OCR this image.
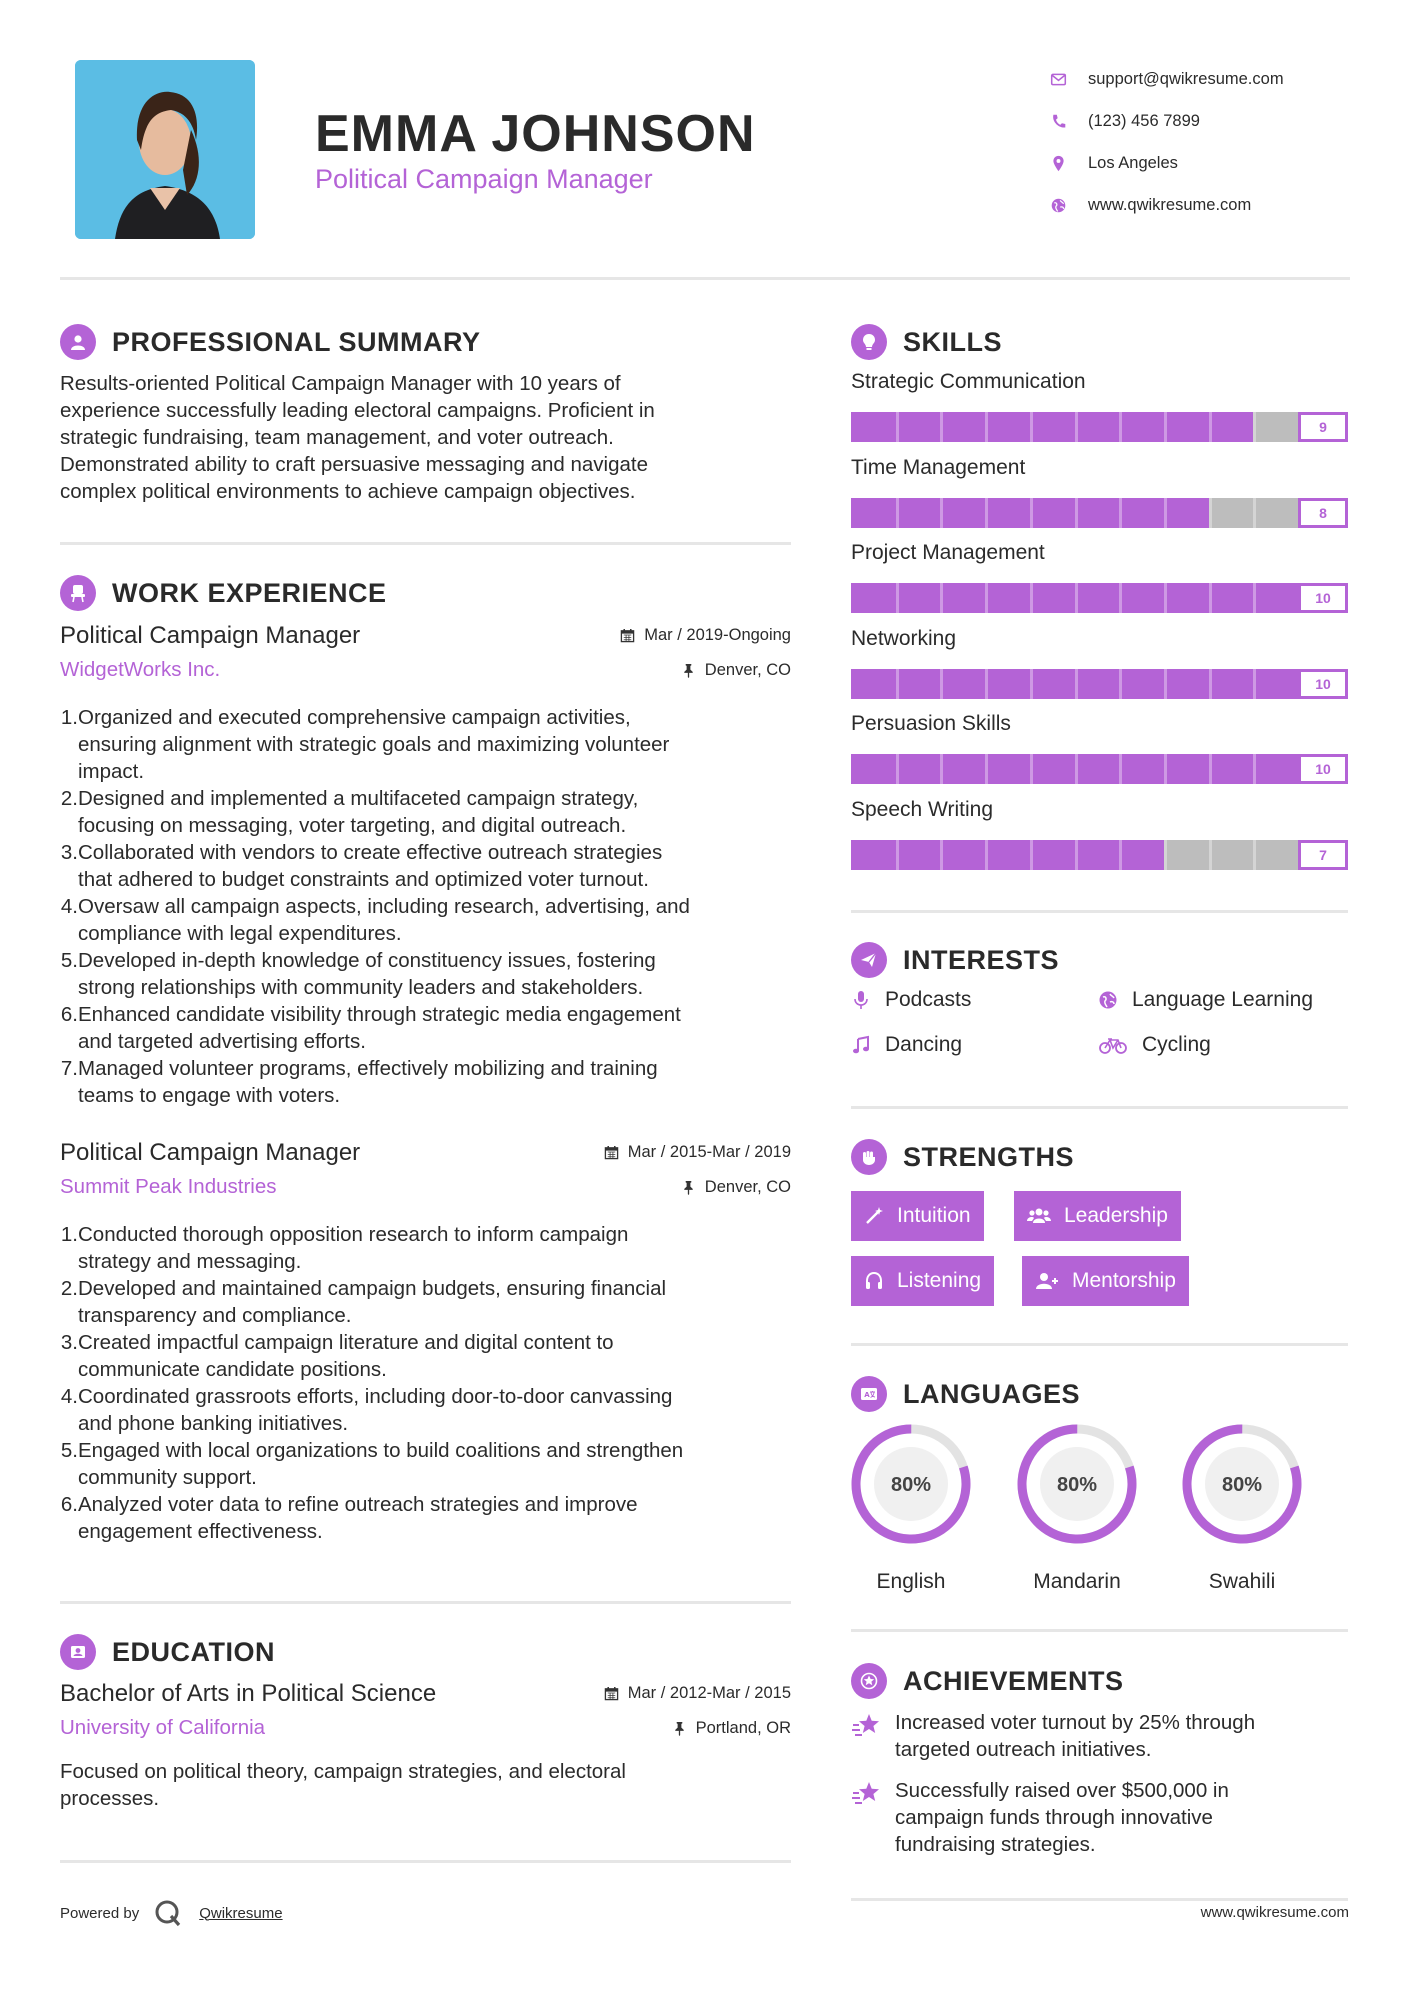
EMMA JOHNSON
Political Campaign Manager
support@qwikresume.com
(123) 456 7899
Los Angeles
www.qwikresume.com
PROFESSIONAL SUMMARY
Results-oriented Political Campaign Manager with 10 years of
experience successfully leading electoral campaigns. Proficient in
strategic fundraising, team management, and voter outreach.
Demonstrated ability to craft persuasive messaging and navigate
complex political environments to achieve campaign objectives.
WORK EXPERIENCE
Political Campaign Manager	Mar / 2019-Ongoing
WidgetWorks Inc.	Denver, CO
1. Organized and executed comprehensive campaign activities,
ensuring alignment with strategic goals and maximizing volunteer
impact.
2. Designed and implemented a multifaceted campaign strategy,
focusing on messaging, voter targeting, and digital outreach.
3. Collaborated with vendors to create effective outreach strategies
that adhered to budget constraints and optimized voter turnout.
4. Oversaw all campaign aspects, including research, advertising, and
compliance with legal expenditures.
5. Developed in-depth knowledge of constituency issues, fostering
strong relationships with community leaders and stakeholders.
6. Enhanced candidate visibility through strategic media engagement
and targeted advertising efforts.
7. Managed volunteer programs, effectively mobilizing and training
teams to engage with voters.
Political Campaign Manager	Mar / 2015-Mar / 2019
Summit Peak Industries	Denver, CO
1. Conducted thorough opposition research to inform campaign
strategy and messaging.
2. Developed and maintained campaign budgets, ensuring financial
transparency and compliance.
3. Created impactful campaign literature and digital content to
communicate candidate positions.
4. Coordinated grassroots efforts, including door-to-door canvassing
and phone banking initiatives.
5. Engaged with local organizations to build coalitions and strengthen
community support.
6. Analyzed voter data to refine outreach strategies and improve
engagement effectiveness.
EDUCATION
Bachelor of Arts in Political Science	Mar / 2012-Mar / 2015
University of California	Portland, OR
Focused on political theory, campaign strategies, and electoral
processes.
SKILLS
Strategic Communication
9
Time Management
8
Project Management
10
Networking
10
Persuasion Skills
10
Speech Writing
7
INTERESTS
Podcasts	Language Learning
Dancing	Cycling
STRENGTHS
Intuition	Leadership
Listening	Mentorship
A LANGUAGES
80%
English
80%
Mandarin
80%
Swahili
ACHIEVEMENTS
Increased voter turnout by 25% through
targeted outreach initiatives.
Successfully raised over $500,000 in
campaign funds through innovative
fundraising strategies.
Powered by	Qwikresume	www.qwikresume.com
